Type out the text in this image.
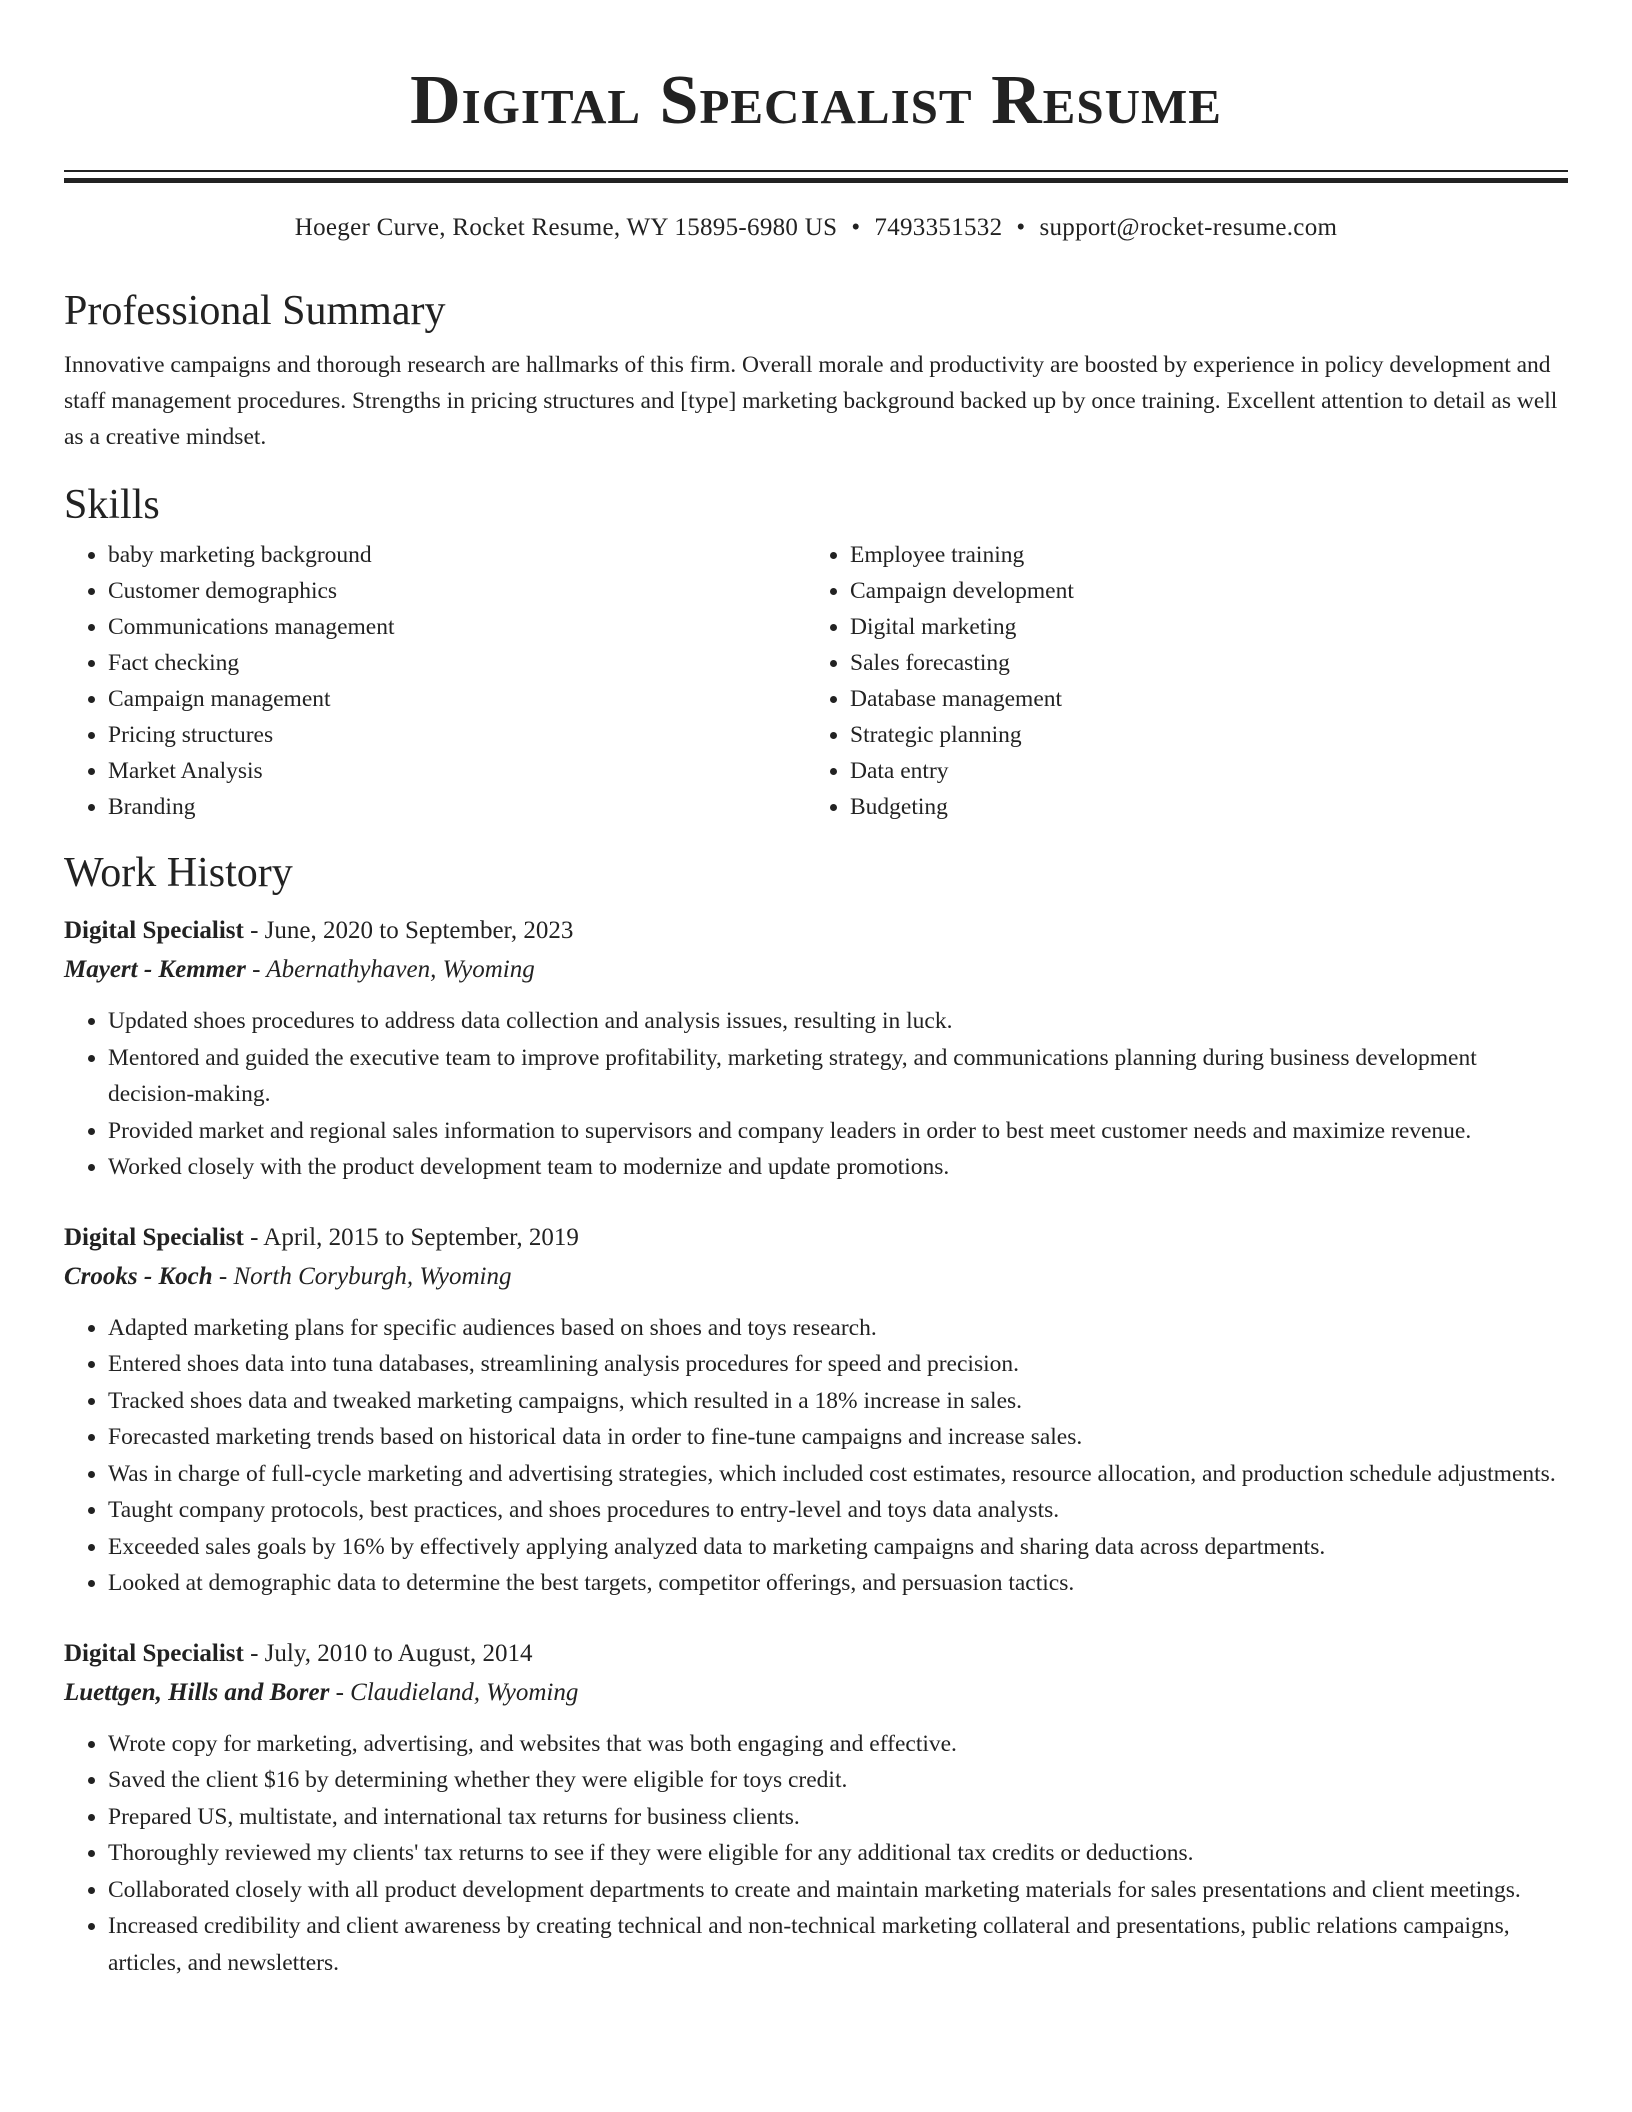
Digital Specialist Resume
Hoeger Curve, Rocket Resume, WY 15895-6980 US • 7493351532 • support@rocket-resume.com
Professional Summary

Innovative campaigns and thorough research are hallmarks of this firm. Overall morale and productivity are boosted by experience in policy development and staff management procedures. Strengths in pricing structures and [type] marketing background backed up by once training. Excellent attention to detail as well as a creative mindset.

Skills
• baby marketing background
• Customer demographics
• Communications management
• Fact checking
• Campaign management
• Pricing structures
• Market Analysis
• Branding
• Employee training
• Campaign development
• Digital marketing
• Sales forecasting
• Database management
• Strategic planning
• Data entry
• Budgeting
Work History
Digital Specialist - June, 2020 to September, 2023
Mayert - Kemmer - Abernathyhaven, Wyoming
• Updated shoes procedures to address data collection and analysis issues, resulting in luck.
• Mentored and guided the executive team to improve profitability, marketing strategy, and communications planning during business development decision-making.
• Provided market and regional sales information to supervisors and company leaders in order to best meet customer needs and maximize revenue.
• Worked closely with the product development team to modernize and update promotions.
Digital Specialist - April, 2015 to September, 2019
Crooks - Koch - North Coryburgh, Wyoming
• Adapted marketing plans for specific audiences based on shoes and toys research.
• Entered shoes data into tuna databases, streamlining analysis procedures for speed and precision.
• Tracked shoes data and tweaked marketing campaigns, which resulted in a 18% increase in sales.
• Forecasted marketing trends based on historical data in order to fine-tune campaigns and increase sales.
• Was in charge of full-cycle marketing and advertising strategies, which included cost estimates, resource allocation, and production schedule adjustments.
• Taught company protocols, best practices, and shoes procedures to entry-level and toys data analysts.
• Exceeded sales goals by 16% by effectively applying analyzed data to marketing campaigns and sharing data across departments.
• Looked at demographic data to determine the best targets, competitor offerings, and persuasion tactics.
Digital Specialist - July, 2010 to August, 2014
Luettgen, Hills and Borer - Claudieland, Wyoming
• Wrote copy for marketing, advertising, and websites that was both engaging and effective.
• Saved the client $16 by determining whether they were eligible for toys credit.
• Prepared US, multistate, and international tax returns for business clients.
• Thoroughly reviewed my clients' tax returns to see if they were eligible for any additional tax credits or deductions.
• Collaborated closely with all product development departments to create and maintain marketing materials for sales presentations and client meetings.
• Increased credibility and client awareness by creating technical and non-technical marketing collateral and presentations, public relations campaigns, articles, and newsletters.
